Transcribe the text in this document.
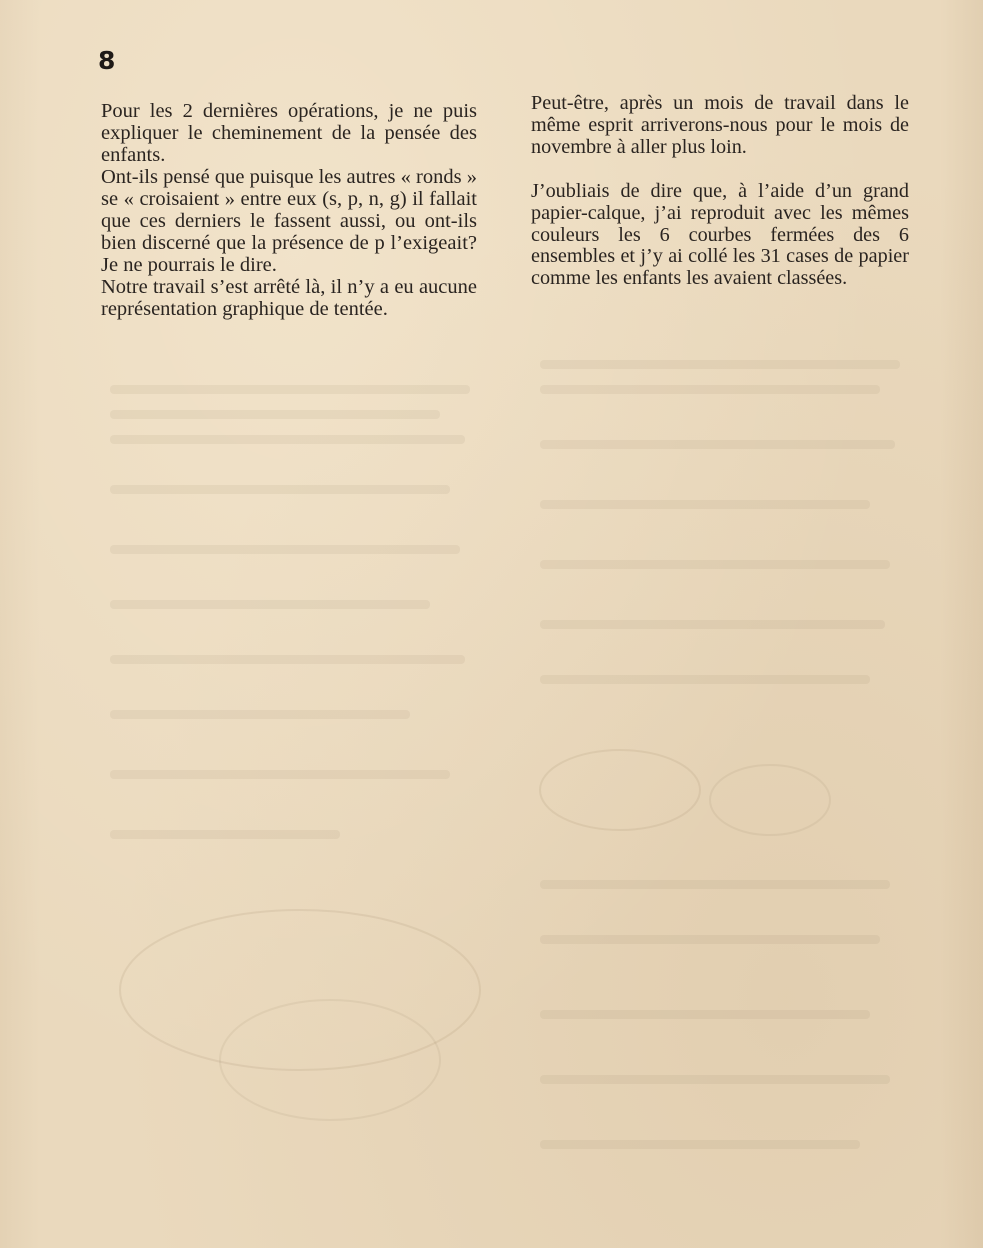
8

Pour les 2 dernières opérations, je ne puis expliquer le cheminement de la pensée des enfants.

Ont-ils pensé que puisque les autres « ronds » se « croisaient » entre eux (s, p, n, g) il fallait que ces derniers le fassent aussi, ou ont-ils bien discerné que la présence de p l’exigeait? Je ne pourrais le dire.

Notre travail s’est arrêté là, il n’y a eu aucune représentation graphique de tentée.

Peut-être, après un mois de travail dans le même esprit arriverons-nous pour le mois de novembre à aller plus loin.

J’oubliais de dire que, à l’aide d’un grand papier-calque, j’ai reproduit avec les mêmes couleurs les 6 courbes fermées des 6 ensembles et j’y ai collé les 31 cases de papier comme les enfants les avaient classées.
